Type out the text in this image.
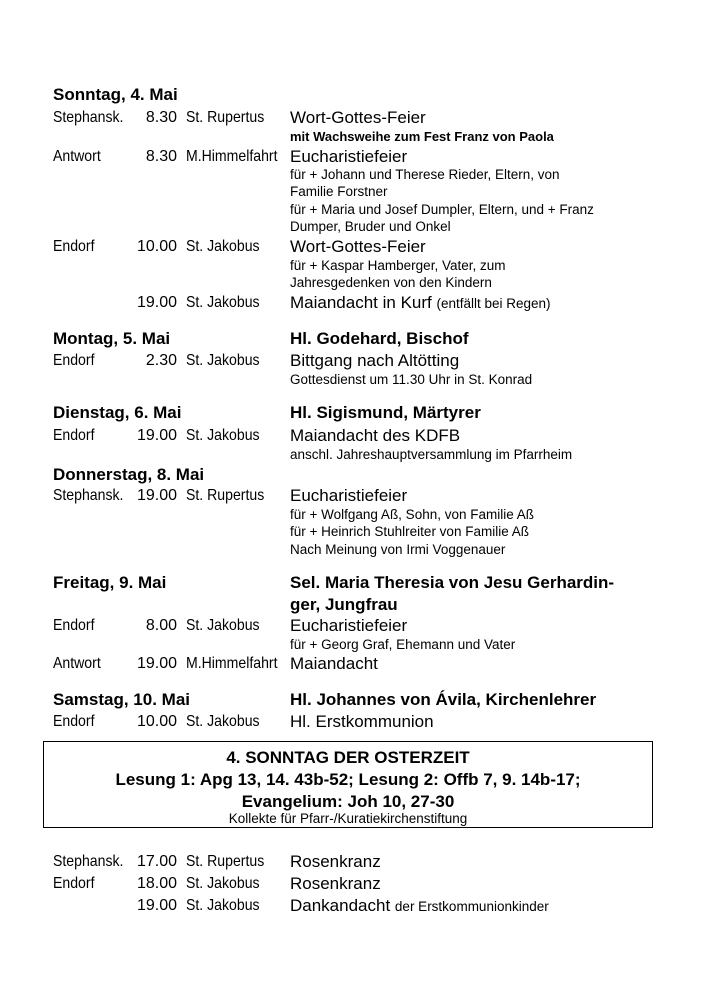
Sonntag, 4. Mai
Stephansk.	8.30 St. Rupertus Wort-Gottes-Feier
mit Wachsweihe zum Fest Franz von Paola
Antwort	8.30 M.Himmelfahrt Eucharistiefeier
für + Johann und Therese Rieder, Eltern, von
Familie Forstner
für + Maria und Josef Dumpler, Eltern, und + Franz
Dumper, Bruder und Onkel
Endorf	10.00 St. Jakobus Wort-Gottes-Feier
für + Kaspar Hamberger, Vater, zum
Jahresgedenken von den Kindern
19.00 St. Jakobus Maiandacht in Kurf (entfällt bei Regen)
Montag, 5. Mai	Hl. Godehard, Bischof
Endorf	2.30 St. Jakobus Bittgang nach Altötting
Gottesdienst um 11.30 Uhr in St. Konrad
Dienstag, 6. Mai	Hl. Sigismund, Märtyrer
Endorf	19.00 St. Jakobus Maiandacht des KDFB
anschl. Jahreshauptversammlung im Pfarrheim
Donnerstag, 8. Mai
Stephansk. 19.00 St. Rupertus Eucharistiefeier
für + Wolfgang Aß, Sohn, von Familie Aß
für + Heinrich Stuhlreiter von Familie Aß
Nach Meinung von Irmi Voggenauer
Freitag, 9. Mai	Sel. Maria Theresia von Jesu Gerhardin-
ger, Jungfrau
Endorf	8.00 St. Jakobus Eucharistiefeier
für + Georg Graf, Ehemann und Vater
Antwort	19.00 M.Himmelfahrt Maiandacht
Samstag, 10. Mai	Hl. Johannes von Ávila, Kirchenlehrer
Endorf	10.00 St. Jakobus Hl. Erstkommunion
4. SONNTAG DER OSTERZEIT
Lesung 1: Apg 13, 14. 43b-52; Lesung 2: Offb 7, 9. 14b-17;
Evangelium: Joh 10, 27-30
Kollekte für Pfarr-/Kuratiekirchenstiftung
Stephansk. 17.00 St. Rupertus Rosenkranz
Endorf	18.00 St. Jakobus Rosenkranz
19.00 St. Jakobus Dankandacht der Erstkommunionkinder
